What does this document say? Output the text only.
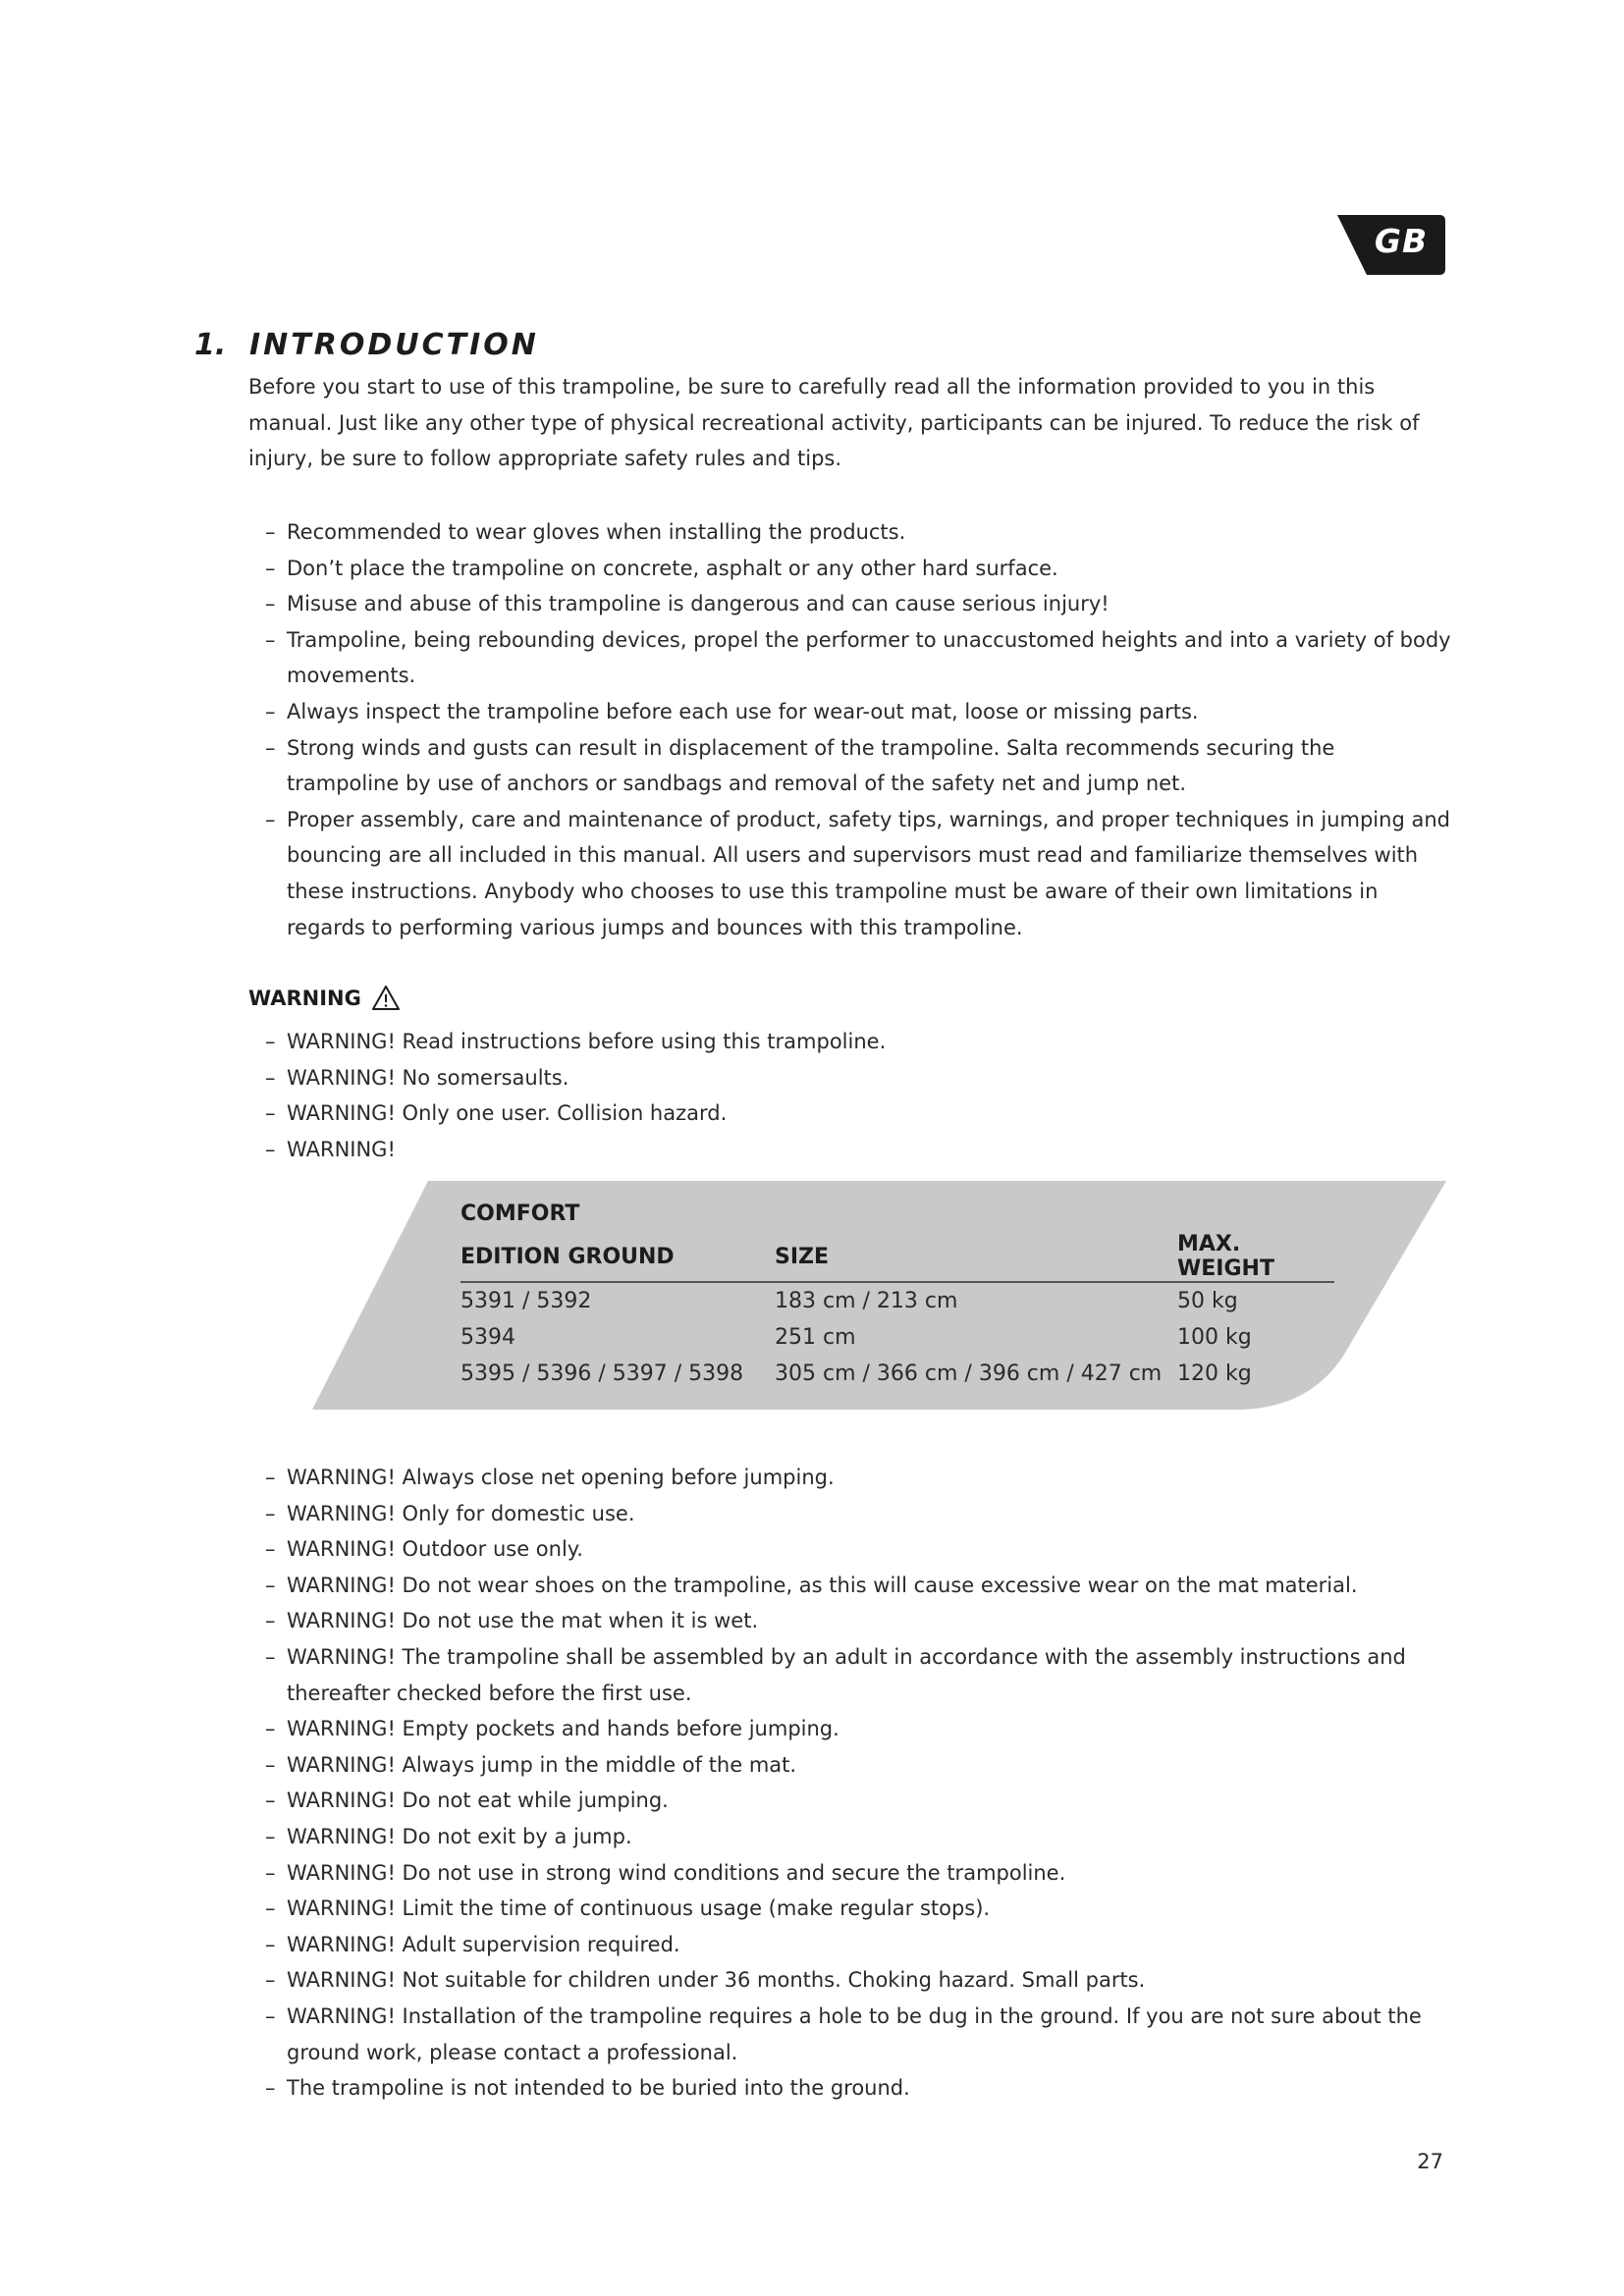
GB
1. INTRODUCTION

Before you start to use of this trampoline, be sure to carefully read all the information provided to you in this manual. Just like any other type of physical recreational activity, participants can be injured. To reduce the risk of injury, be sure to follow appropriate safety rules and tips.

– Recommended to wear gloves when installing the products.
– Don’t place the trampoline on concrete, asphalt or any other hard surface.
– Misuse and abuse of this trampoline is dangerous and can cause serious injury!
– Trampoline, being rebounding devices, propel the performer to unaccustomed heights and into a variety of body movements.
– Always inspect the trampoline before each use for wear-out mat, loose or missing parts.
– Strong winds and gusts can result in displacement of the trampoline. Salta recommends securing the trampoline by use of anchors or sandbags and removal of the safety net and jump net.
– Proper assembly, care and maintenance of product, safety tips, warnings, and proper techniques in jumping and bouncing are all included in this manual. All users and supervisors must read and familiarize themselves with these instructions. Anybody who chooses to use this trampoline must be aware of their own limitations in regards to performing various jumps and bounces with this trampoline.
WARNING
– WARNING! Read instructions before using this trampoline.
– WARNING! No somersaults.
– WARNING! Only one user. Collision hazard.
– WARNING!
COMFORT		
EDITION GROUND	SIZE	MAX. WEIGHT
5391 / 5392	183 cm / 213 cm	50 kg
5394	251 cm	100 kg
5395 / 5396 / 5397 / 5398	305 cm / 366 cm / 396 cm / 427 cm	120 kg
– WARNING! Always close net opening before jumping.
– WARNING! Only for domestic use.
– WARNING! Outdoor use only.
– WARNING! Do not wear shoes on the trampoline, as this will cause excessive wear on the mat material.
– WARNING! Do not use the mat when it is wet.
– WARNING! The trampoline shall be assembled by an adult in accordance with the assembly instructions and thereafter checked before the first use.
– WARNING! Empty pockets and hands before jumping.
– WARNING! Always jump in the middle of the mat.
– WARNING! Do not eat while jumping.
– WARNING! Do not exit by a jump.
– WARNING! Do not use in strong wind conditions and secure the trampoline.
– WARNING! Limit the time of continuous usage (make regular stops).
– WARNING! Adult supervision required.
– WARNING! Not suitable for children under 36 months. Choking hazard. Small parts.
– WARNING! Installation of the trampoline requires a hole to be dug in the ground. If you are not sure about the ground work, please contact a professional.
– The trampoline is not intended to be buried into the ground.
27
